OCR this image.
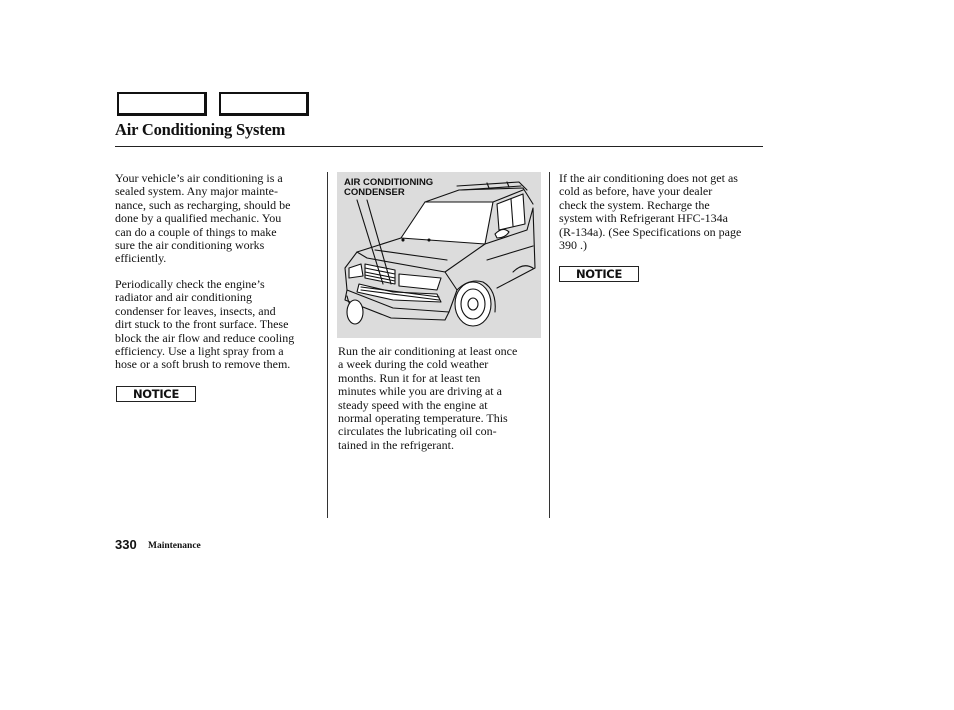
Air Conditioning System

Your vehicle’s air conditioning is a
sealed system. Any major mainte-
nance, such as recharging, should be
done by a qualified mechanic. You
can do a couple of things to make
sure the air conditioning works
efficiently.

Periodically check the engine’s
radiator and air conditioning
condenser for leaves, insects, and
dirt stuck to the front surface. These
block the air flow and reduce cooling
efficiency. Use a light spray from a
hose or a soft brush to remove them.

NOTICE

AIR CONDITIONING
CONDENSER

Run the air conditioning at least once
a week during the cold weather
months. Run it for at least ten
minutes while you are driving at a
steady speed with the engine at
normal operating temperature. This
circulates the lubricating oil con-
tained in the refrigerant.

If the air conditioning does not get as
cold as before, have your dealer
check the system. Recharge the
system with Refrigerant HFC-134a
(R-134a). (See Specifications on page
390 .)

NOTICE
330 Maintenance
